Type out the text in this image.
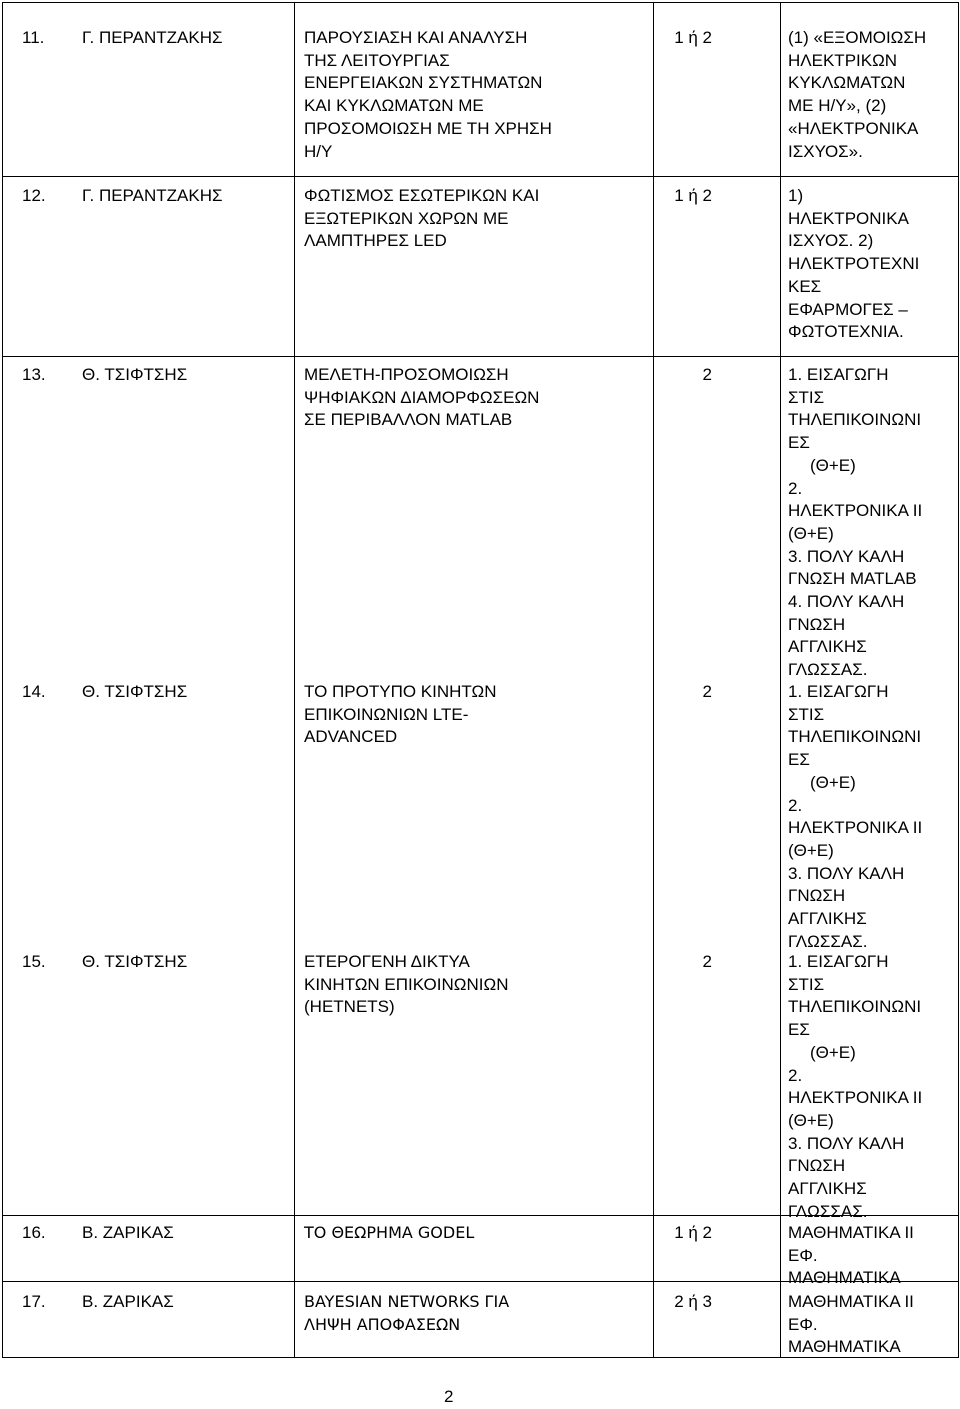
11. Γ. ΠΕΡΑΝΤΖΑΚΗΣ	ΠΑΡΟΥΣΙΑΣΗ ΚΑΙ ΑΝΑΛΥΣΗ
ΤΗΣ ΛΕΙΤΟΥΡΓΙΑΣ
ΕΝΕΡΓΕΙΑΚΩΝ ΣΥΣΤΗΜΑΤΩΝ
ΚΑΙ ΚΥΚΛΩΜΑΤΩΝ ΜΕ
ΠΡΟΣΟΜΟΙΩΣΗ ΜΕ ΤΗ ΧΡΗΣΗ
Η/Υ
1 ή 2	(1) «ΕΞΟΜΟΙΩΣΗ
ΗΛΕΚΤΡΙΚΩΝ
ΚΥΚΛΩΜΑΤΩΝ
ΜΕ Η/Υ», (2)
«ΗΛΕΚΤΡΟΝΙΚΑ
ΙΣΧΥΟΣ».
12. Γ. ΠΕΡΑΝΤΖΑΚΗΣ	ΦΩΤΙΣΜΟΣ ΕΣΩΤΕΡΙΚΩΝ ΚΑΙ
ΕΞΩΤΕΡΙΚΩΝ ΧΩΡΩΝ ΜΕ
ΛΑΜΠΤΗΡΕΣ LED
1 ή 2	1)
ΗΛΕΚΤΡΟΝΙΚΑ
ΙΣΧΥΟΣ. 2)
ΗΛΕΚΤΡΟΤΕΧΝΙ
ΚΕΣ
ΕΦΑΡΜΟΓΕΣ –
ΦΩΤΟΤΕΧΝΙΑ.
13. Θ. ΤΣΙΦΤΣΗΣ	ΜΕΛΕΤΗ-ΠΡΟΣΟΜΟΙΩΣΗ
ΨΗΦΙΑΚΩΝ ΔΙΑΜΟΡΦΩΣΕΩΝ
ΣΕ ΠΕΡΙΒΑΛΛΟΝ MATLAB
2	1. ΕΙΣΑΓΩΓΗ
ΣΤΙΣ
ΤΗΛΕΠΙΚΟΙΝΩΝΙ
ΕΣ
(Θ+Ε)
2.
ΗΛΕΚΤΡΟΝΙΚΑ ΙΙ
(Θ+Ε)
3. ΠΟΛΥ ΚΑΛΗ
ΓΝΩΣΗ MATLAB
4. ΠΟΛΥ ΚΑΛΗ
ΓΝΩΣΗ
ΑΓΓΛΙΚΗΣ
ΓΛΩΣΣΑΣ.
14. Θ. ΤΣΙΦΤΣΗΣ	ΤΟ ΠΡΟΤΥΠΟ ΚΙΝΗΤΩΝ
ΕΠΙΚΟΙΝΩΝΙΩΝ LTE-
ADVANCED
2	1. ΕΙΣΑΓΩΓΗ
ΣΤΙΣ
ΤΗΛΕΠΙΚΟΙΝΩΝΙ
ΕΣ
(Θ+Ε)
2.
ΗΛΕΚΤΡΟΝΙΚΑ ΙΙ
(Θ+Ε)
3. ΠΟΛΥ ΚΑΛΗ
ΓΝΩΣΗ
ΑΓΓΛΙΚΗΣ
ΓΛΩΣΣΑΣ.
15. Θ. ΤΣΙΦΤΣΗΣ	ΕΤΕΡΟΓΕΝΗ ΔΙΚΤΥΑ
ΚΙΝΗΤΩΝ ΕΠΙΚΟΙΝΩΝΙΩΝ
(HETNETS)
2	1. ΕΙΣΑΓΩΓΗ
ΣΤΙΣ
ΤΗΛΕΠΙΚΟΙΝΩΝΙ
ΕΣ
(Θ+Ε)
2.
ΗΛΕΚΤΡΟΝΙΚΑ ΙΙ
(Θ+Ε)
3. ΠΟΛΥ ΚΑΛΗ
ΓΝΩΣΗ
ΑΓΓΛΙΚΗΣ
ΓΛΩΣΣΑΣ.
16. Β. ΖΑΡΙΚΑΣ	ΤΟ ΘΕΩΡΗΜΑ GODEL	1 ή 2	ΜΑΘΗΜΑΤΙΚΑ ΙΙ
ΕΦ.
ΜΑΘΗΜΑΤΙΚΑ
17. Β. ΖΑΡΙΚΑΣ	BAYESIAN NETWORKS ΓΙΑ
ΛΗΨΗ ΑΠΟΦΑΣΕΩΝ
2 ή 3	ΜΑΘΗΜΑΤΙΚΑ ΙΙ
ΕΦ.
ΜΑΘΗΜΑΤΙΚΑ
2
